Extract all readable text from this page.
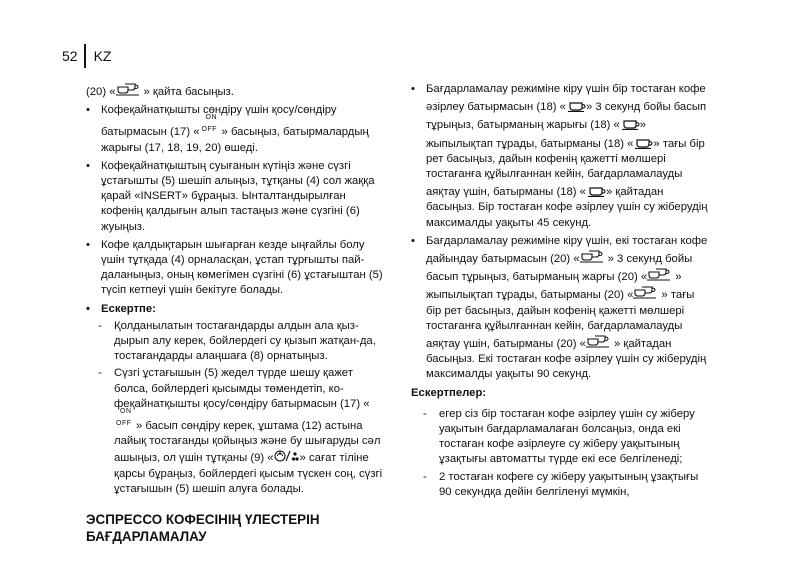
52 KZ

(20) « » қайта басыңыз.

• Кофеқайнатқышты сөндіру үшін қосу/сөндіру батырмасын (17) «
ON
OFF » басыңыз, батырмалардың жарығы (17, 18, 19, 20) өшеді.
• Кофеқайнатқыштың суығанын күтіңіз және сүзгі ұстағышты (5) шешіп алыңыз, тұтқаны (4) сол жаққа қарай «INSERT» бұраңыз. Ынталтандырылған кофенің қалдығын алып тастаңыз және сүзгіні (6) жуыңыз.
• Кофе қалдықтарын шығарған кезде ыңғайлы болу үшін тұтқада (4) орналасқан, ұстап тұрғышты пай-даланыңыз, оның көмегімен сүзгіні (6) ұстағыштан (5) түсіп кетпеуі үшін бекітуге болады.
• Ескертпе:
- Қолданылатын тостағандарды алдын ала қыз-дырып алу керек, бойлердегі су қызып жатқан-да, тостағандарды алаңшаға (8) орнатыңыз.
- Сүзгі ұстағышын (5) жедел түрде шешу қажет болса, бойлердегі қысымды төмендетіп, ко-феқайнатқышты қосу/сөндіру батырмасын (17) «
ON
OFF » басып сөндіру керек, ұштама (12) астына лайық тостағанды қойыңыз және бу шығаруды сәл ашыңыз, ол үшін тұтқаны (9) « » сағат тіліне қарсы бұраңыз, бойлердегі қысым түскен соң, сүзгі ұстағышын (5) шешіп алуға болады.
ЭСПРЕССО КОФЕСІНІҢ ҮЛЕСТЕРІН БАҒДАРЛАМАЛАУ
• Бағдарламалау режиміне кіру үшін бір тостаған кофе әзірлеу батырмасын (18) « » 3 секунд бойы басып тұрыңыз, батырманың жарығы (18) « » жыпылықтап тұрады, батырманы (18) « » тағы бір рет басыңыз, дайын кофенің қажетті мөлшері тостағанға құйылғаннан кейін, бағдарламалауды аяқтау үшін, батырманы (18) « » қайтадан басыңыз. Бір тостаған кофе әзірлеу үшін су жіберудің максималды уақыты 45 секунд.
• Бағдарламалау режиміне кіру үшін, екі тостаған кофе дайындау батырмасын (20) « » 3 секунд бойы басып тұрыңыз, батырманың жарғы (20) « » жыпылықтап тұрады, батырманы (20) « » тағы бір рет басыңыз, дайын кофенің қажетті мөлшері тостағанға құйылғаннан кейін, бағдарламалауды аяқтау үшін, батырманы (20) « » қайтадан басыңыз. Екі тостаған кофе әзірлеу үшін су жіберудің максималды уақыты 90 секунд.

Ескертпелер:

- егер сіз бір тостаған кофе әзірлеу үшін су жіберу уақытын бағдарламалаған болсаңыз, онда екі тостаған кофе әзірлеуге су жіберу уақытының ұзақтығы автоматты түрде екі есе белгіленеді;
- 2 тостаған кофеге су жіберу уақытының ұзақтығы 90 секундқа дейін белгіленуі мүмкін,
